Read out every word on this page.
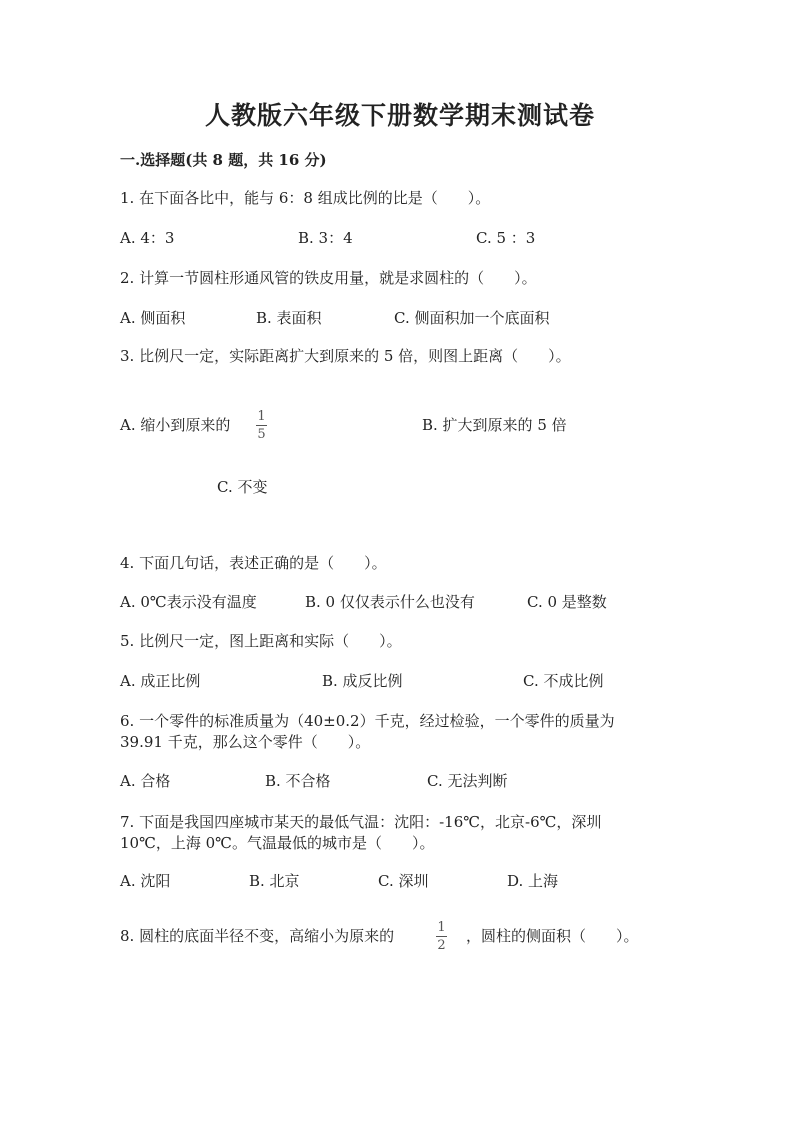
人教版六年级下册数学期末测试卷
一.选择题(共 8 题，共 16 分)
1. 在下面各比中，能与 6：8 组成比例的比是（　　）。
A. 4：3	B. 3：4	C. 5 ：3
2. 计算一节圆柱形通风管的铁皮用量，就是求圆柱的（　　）。
A. 侧面积	B. 表面积	C. 侧面积加一个底面积
3. 比例尺一定，实际距离扩大到原来的 5 倍，则图上距离（　　）。
A. 缩小到原来的 1
5
B. 扩大到原来的 5 倍
C. 不变
4. 下面几句话，表述正确的是（　　）。
A. 0℃表示没有温度	B. 0 仅仅表示什么也没有	C. 0 是整数
5. 比例尺一定，图上距离和实际（　　）。
A. 成正比例	B. 成反比例	C. 不成比例
6. 一个零件的标准质量为（40±0.2）千克，经过检验，一个零件的质量为
39.91 千克，那么这个零件（　　）。
A. 合格	B. 不合格	C. 无法判断
7. 下面是我国四座城市某天的最低气温：沈阳：-16℃，北京-6℃，深圳
10℃，上海 0℃。气温最低的城市是（　　）。
A. 沈阳	B. 北京	C. 深圳	D. 上海
8. 圆柱的底面半径不变，高缩小为原来的	1
2
，圆柱的侧面积（　　）。
